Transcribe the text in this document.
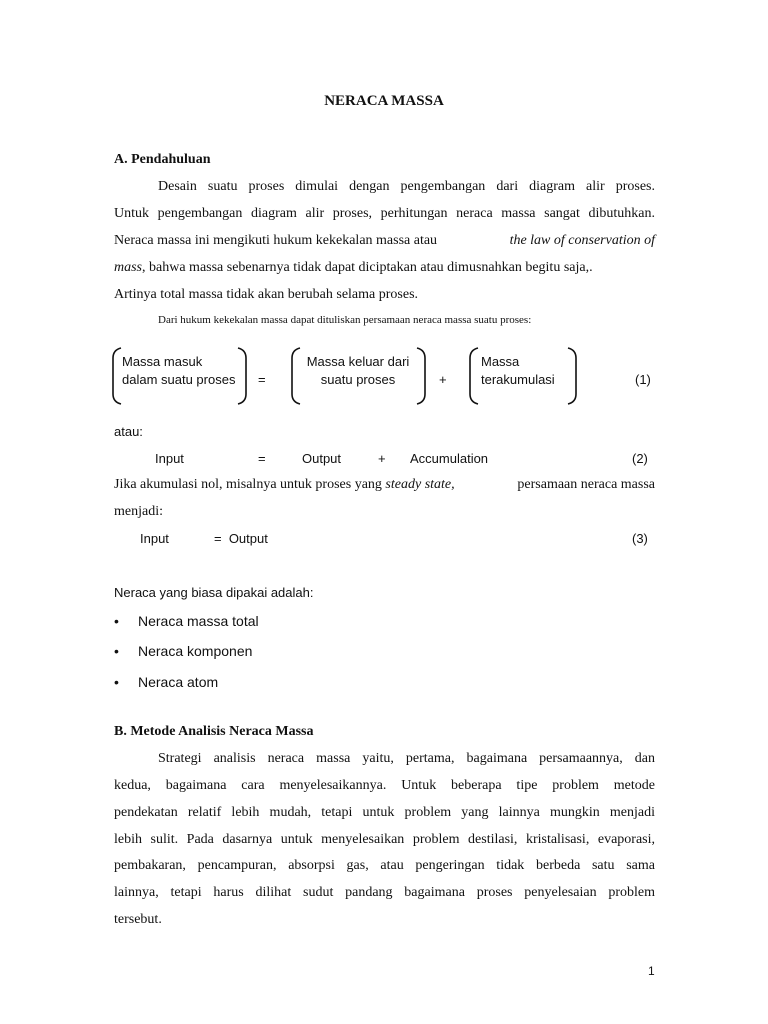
NERACA MASSA
A. Pendahuluan
Desain suatu proses dimulai dengan pengembangan dari diagram alir proses.
Untuk pengembangan diagram alir proses, perhitungan neraca massa sangat dibutuhkan.
Neraca massa ini mengikuti hukum kekekalan massa atau	the law of conservation of
mass, bahwa massa sebenarnya tidak dapat diciptakan atau dimusnahkan begitu saja,.
Artinya total massa tidak akan berubah selama proses.
Dari hukum kekekalan massa dapat dituliskan persamaan neraca massa suatu proses:
Massa masuk
dalam suatu proses =
Massa keluar dari
suatu proses	+
Massa
terakumulasi	(1)
atau:
Input	=	Output	+ Accumulation	(2)
Jika akumulasi nol, misalnya untuk proses yang steady state,	persamaan neraca massa
menjadi:
Input	=  Output	(3)
Neraca yang biasa dipakai adalah:
• Neraca massa total
• Neraca komponen
• Neraca atom
B. Metode Analisis Neraca Massa
Strategi analisis neraca massa yaitu, pertama, bagaimana persamaannya, dan
kedua, bagaimana cara menyelesaikannya. Untuk beberapa tipe problem metode
pendekatan relatif lebih mudah, tetapi untuk problem yang lainnya mungkin menjadi
lebih sulit. Pada dasarnya untuk menyelesaikan problem destilasi, kristalisasi, evaporasi,
pembakaran, pencampuran, absorpsi gas, atau pengeringan tidak berbeda satu sama
lainnya, tetapi harus dilihat sudut pandang bagaimana proses penyelesaian problem
tersebut.
1
